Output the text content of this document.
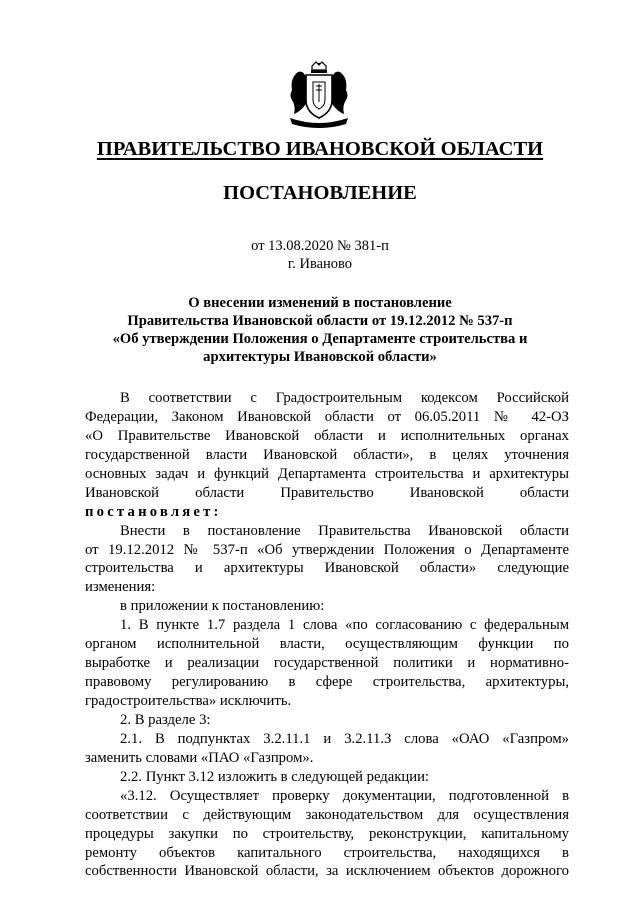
ПРАВИТЕЛЬСТВО ИВАНОВСКОЙ ОБЛАСТИ
ПОСТАНОВЛЕНИЕ
от 13.08.2020 № 381-п
г. Иваново
О внесении изменений в постановление
Правительства Ивановской области от 19.12.2012 № 537-п
«Об утверждении Положения о Департаменте строительства и
архитектуры Ивановской области»
В соответствии с Градостроительным кодексом Российской
Федерации, Законом Ивановской области от 06.05.2011 № 42-ОЗ
«О Правительстве Ивановской области и исполнительных органах
государственной власти Ивановской области», в целях уточнения
основных задач и функций Департамента строительства и архитектуры
Ивановской области Правительство Ивановской области
постановляет:
Внести в постановление Правительства Ивановской области
от 19.12.2012 № 537-п «Об утверждении Положения о Департаменте
строительства и архитектуры Ивановской области» следующие
изменения:
в приложении к постановлению:
1. В пункте 1.7 раздела 1 слова «по согласованию с федеральным
органом исполнительной власти, осуществляющим функции по
выработке и реализации государственной политики и нормативно-
правовому регулированию в сфере строительства, архитектуры,
градостроительства» исключить.
2. В разделе 3:
2.1. В подпунктах 3.2.11.1 и 3.2.11.3 слова «ОАО «Газпром»
заменить словами «ПАО «Газпром».
2.2. Пункт 3.12 изложить в следующей редакции:
«3.12. Осуществляет проверку документации, подготовленной в
соответствии с действующим законодательством для осуществления
процедуры закупки по строительству, реконструкции, капитальному
ремонту объектов капитального строительства, находящихся в
собственности Ивановской области, за исключением объектов дорожного
